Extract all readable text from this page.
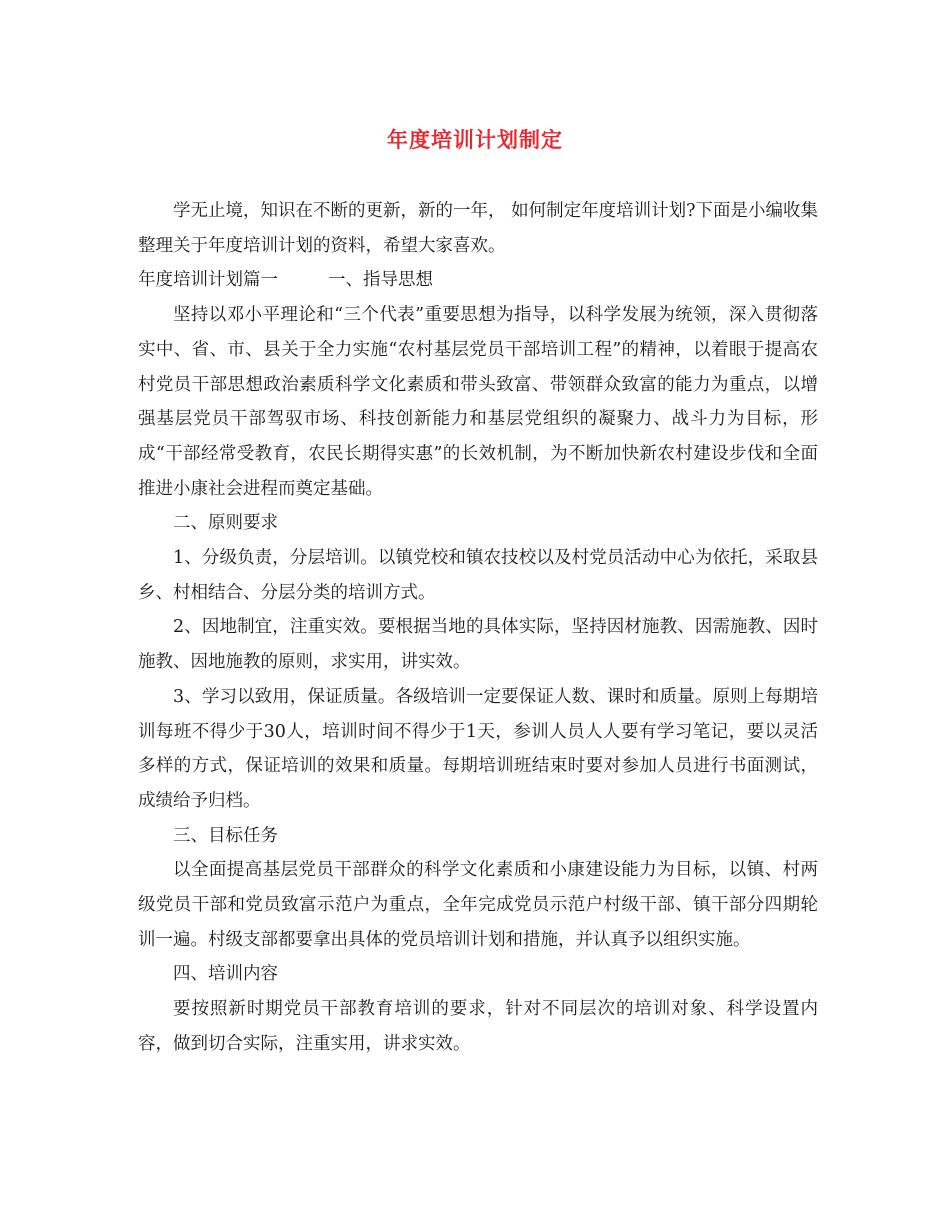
年度培训计划制定

学无止境，知识在不断的更新，新的一年， 如何制定年度培训计划?下面是小编收集整理关于年度培训计划的资料，希望大家喜欢。

年度培训计划篇一	一、指导思想

坚持以邓小平理论和“三个代表”重要思想为指导，以科学发展为统领，深入贯彻落实中、省、市、县关于全力实施“农村基层党员干部培训工程”的精神，以着眼于提高农村党员干部思想政治素质科学文化素质和带头致富、带领群众致富的能力为重点，以增强基层党员干部驾驭市场、科技创新能力和基层党组织的凝聚力、战斗力为目标，形成“干部经常受教育，农民长期得实惠”的长效机制，为不断加快新农村建设步伐和全面推进小康社会进程而奠定基础。

二、原则要求

1、分级负责，分层培训。以镇党校和镇农技校以及村党员活动中心为依托，采取县乡、村相结合、分层分类的培训方式。

2、因地制宜，注重实效。要根据当地的具体实际，坚持因材施教、因需施教、因时施教、因地施教的原则，求实用，讲实效。

3、学习以致用，保证质量。各级培训一定要保证人数、课时和质量。原则上每期培训每班不得少于30人，培训时间不得少于1天，参训人员人人要有学习笔记，要以灵活多样的方式，保证培训的效果和质量。每期培训班结束时要对参加人员进行书面测试，成绩给予归档。

三、目标任务

以全面提高基层党员干部群众的科学文化素质和小康建设能力为目标，以镇、村两级党员干部和党员致富示范户为重点，全年完成党员示范户村级干部、镇干部分四期轮训一遍。村级支部都要拿出具体的党员培训计划和措施，并认真予以组织实施。

四、培训内容

要按照新时期党员干部教育培训的要求，针对不同层次的培训对象、科学设置内容，做到切合实际，注重实用，讲求实效。
